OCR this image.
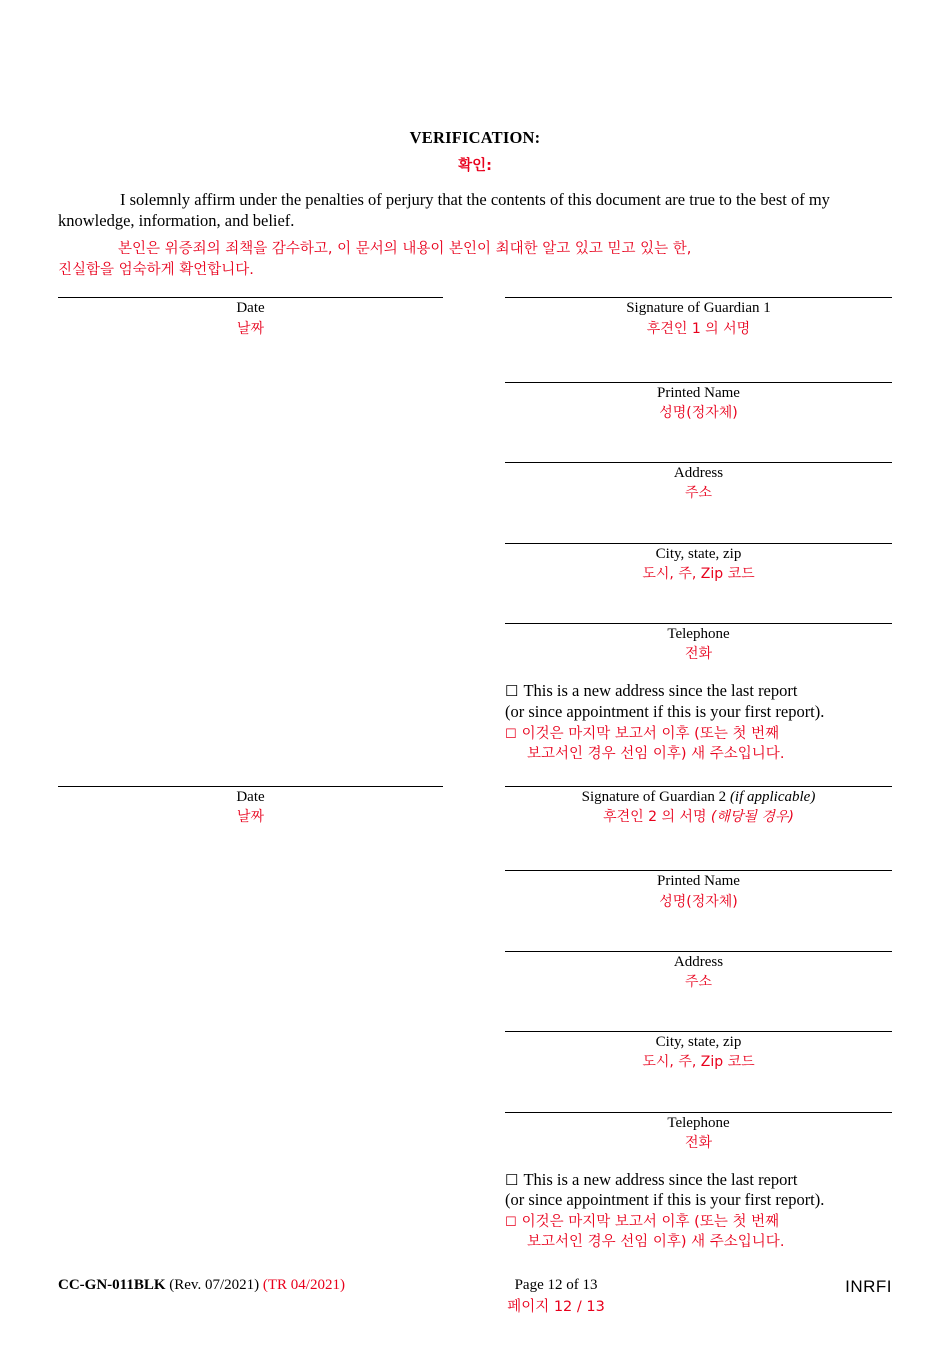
VERIFICATION:
확인:
I solemnly affirm under the penalties of perjury that the contents of this document are true to the best of my knowledge, information, and belief.
본인은 위증죄의 죄책을 감수하고, 이 문서의 내용이 본인이 최대한 알고 있고 믿고 있는 한,
진실함을 엄숙하게 확언합니다.
Date
날짜
Signature of Guardian 1
후견인 1 의 서명
Printed Name
성명(정자체)
Address
주소
City, state, zip
도시, 주, Zip 코드
Telephone
전화
☐ This is a new address since the last report
(or since appointment if this is your first report).
☐ 이것은 마지막 보고서 이후 (또는 첫 번째
보고서인 경우 선임 이후) 새 주소입니다.
Date
날짜
Signature of Guardian 2 (if applicable)
후견인 2 의 서명 (해당될 경우)
Printed Name
성명(정자체)
Address
주소
City, state, zip
도시, 주, Zip 코드
Telephone
전화
☐ This is a new address since the last report
(or since appointment if this is your first report).
☐ 이것은 마지막 보고서 이후 (또는 첫 번째
보고서인 경우 선임 이후) 새 주소입니다.
CC-GN-011BLK (Rev. 07/2021) (TR 04/2021)	Page 12 of 13
페이지 12 / 13
INRFI
